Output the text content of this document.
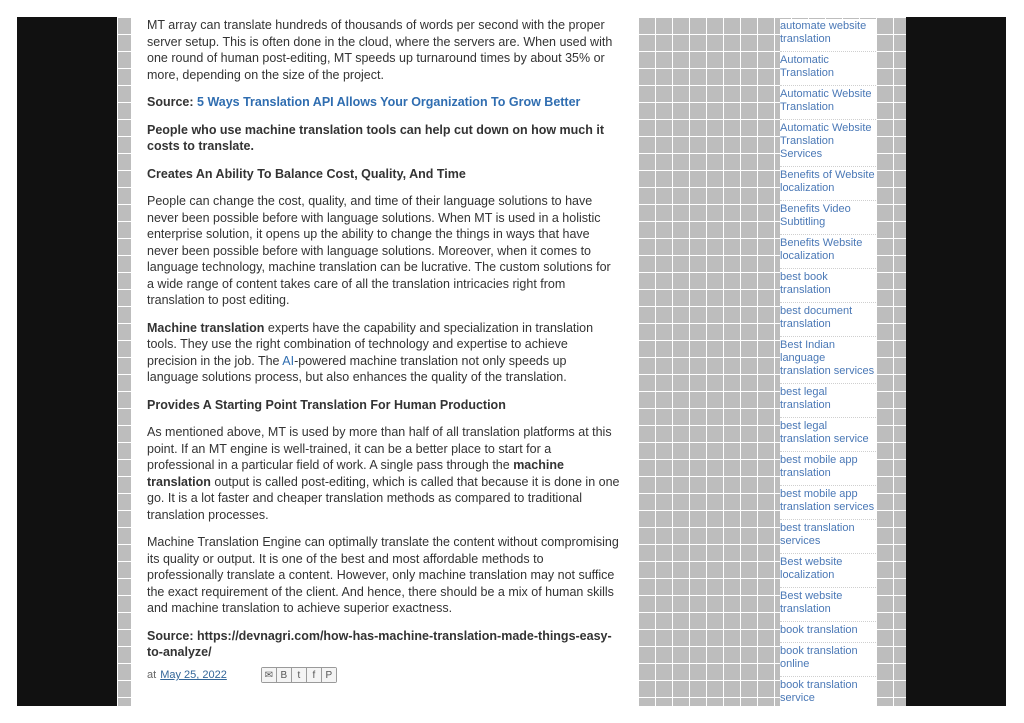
MT array can translate hundreds of thousands of words per second with the proper server setup. This is often done in the cloud, where the servers are. When used with one round of human post-editing, MT speeds up turnaround times by about 35% or more, depending on the size of the project.

Source: 5 Ways Translation API Allows Your Organization To Grow Better

People who use machine translation tools can help cut down on how much it costs to translate.

Creates An Ability To Balance Cost, Quality, And Time

People can change the cost, quality, and time of their language solutions to have never been possible before with language solutions. When MT is used in a holistic enterprise solution, it opens up the ability to change the things in ways that have never been possible before with language solutions. Moreover, when it comes to language technology, machine translation can be lucrative. The custom solutions for a wide range of content takes care of all the translation intricacies right from translation to post editing.

Machine translation experts have the capability and specialization in translation tools. They use the right combination of technology and expertise to achieve precision in the job. The AI-powered machine translation not only speeds up language solutions process, but also enhances the quality of the translation.

Provides A Starting Point Translation For Human Production

As mentioned above, MT is used by more than half of all translation platforms at this point. If an MT engine is well-trained, it can be a better place to start for a professional in a particular field of work. A single pass through the machine translation output is called post-editing, which is called that because it is done in one go. It is a lot faster and cheaper translation methods as compared to traditional translation processes.

Machine Translation Engine can optimally translate the content without compromising its quality or output. It is one of the best and most affordable methods to professionally translate a content. However, only machine translation may not suffice the exact requirement of the client. And hence, there should be a mix of human skills and machine translation to achieve superior exactness.

Source: https://devnagri.com/how-has-machine-translation-made-things-easy-to-analyze/

at May 25, 2022	✉ B	t	f	P
automate website translation
Automatic Translation
Automatic Website Translation
Automatic Website Translation Services
Benefits of Website localization
Benefits Video Subtitling
Benefits Website localization
best book translation
best document translation
Best Indian language translation services
best legal translation
best legal translation service
best mobile app translation
best mobile app translation services
best translation services
Best website localization
Best website translation
book translation
book translation online
book translation service
